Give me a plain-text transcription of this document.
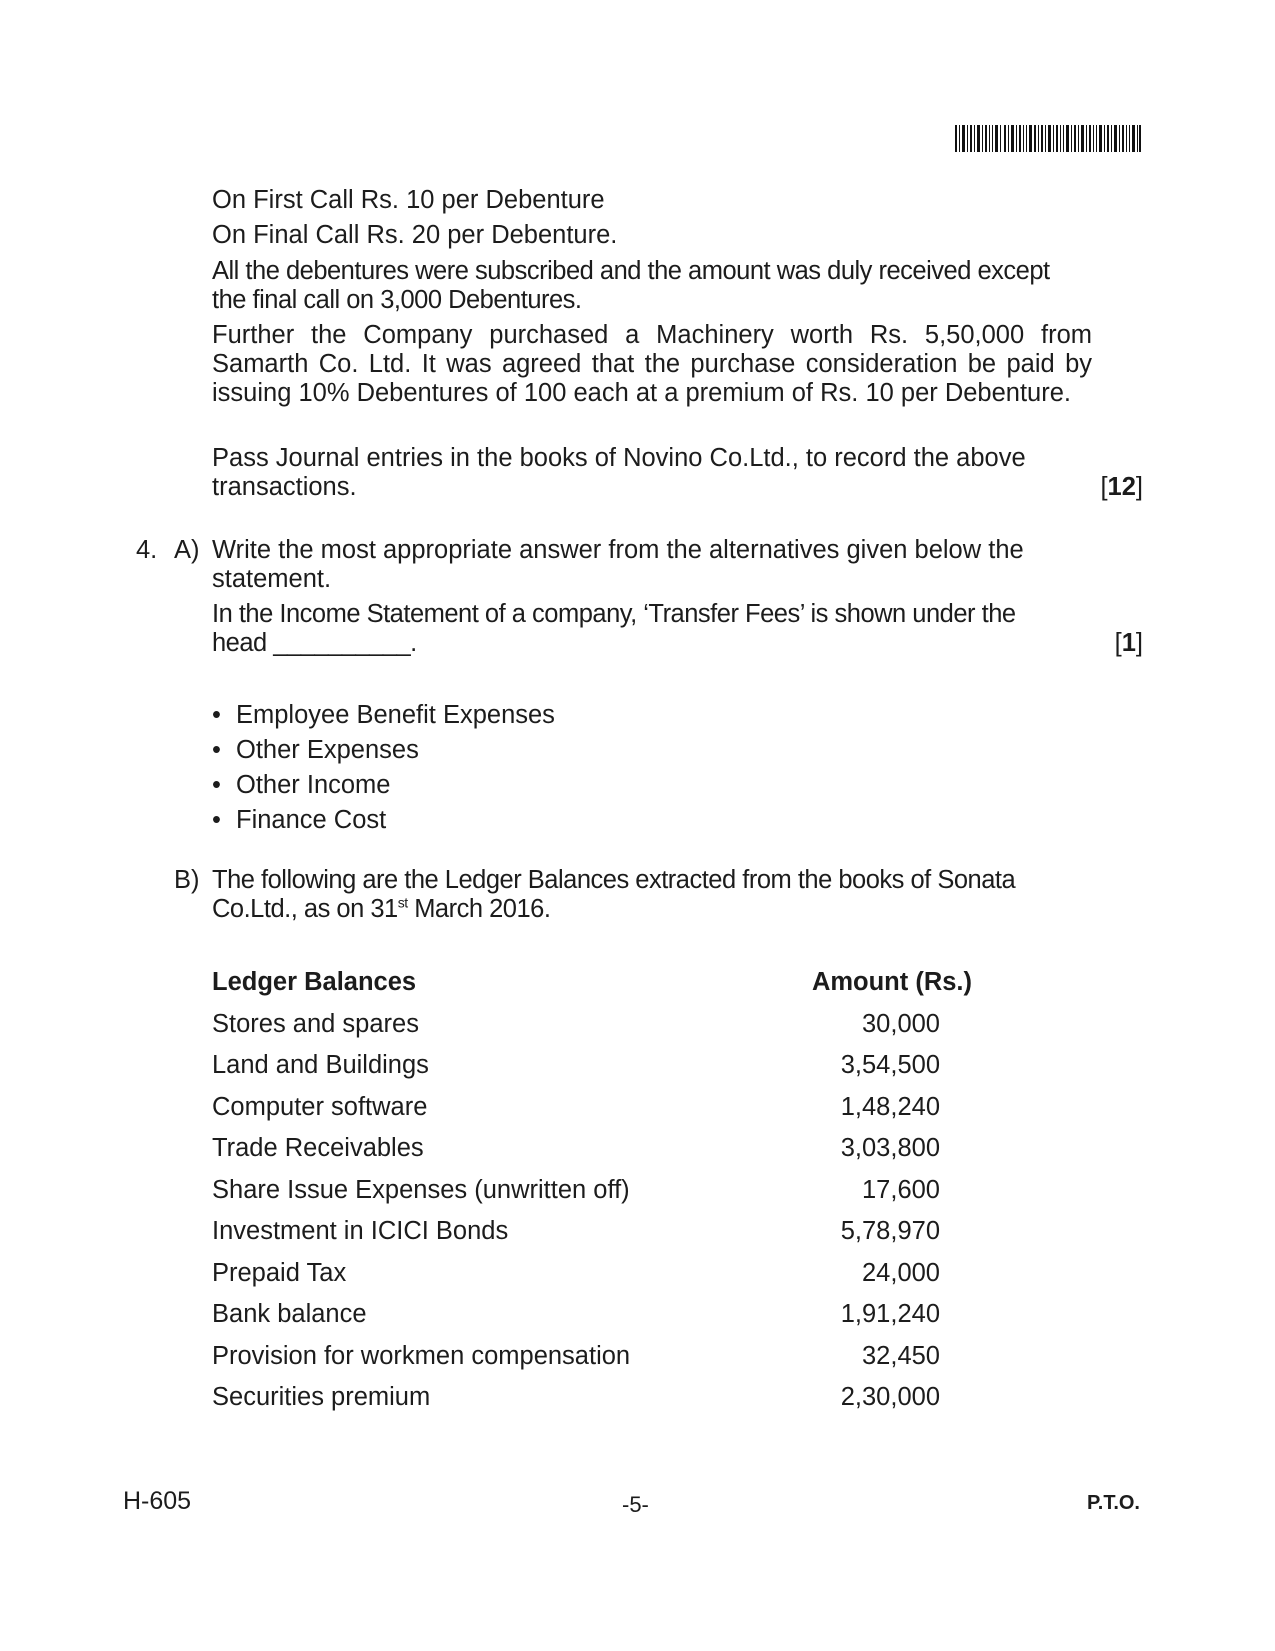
On First Call Rs. 10 per Debenture

On Final Call Rs. 20 per Debenture.

All the debentures were subscribed and the amount was duly received except the final call on 3,000 Debentures.

Further the Company purchased a Machinery worth Rs. 5,50,000 from Samarth Co. Ltd. It was agreed that the purchase consideration be paid by issuing 10% Debentures of 100 each at a premium of Rs. 10 per Debenture.

Pass Journal entries in the books of Novino Co.Ltd., to record the above transactions.	[12]
4. A) Write the most appropriate answer from the alternatives given below the statement.

In the Income Statement of a company, ‘Transfer Fees’ is shown under the head __________.	[1]
• Employee Benefit Expenses
• Other Expenses
• Other Income
• Finance Cost
B) The following are the Ledger Balances extracted from the books of Sonata
Co.Ltd., as on 31st March 2016.

Ledger Balances	Amount (Rs.)
Stores and spares	30,000
Land and Buildings	3,54,500
Computer software	1,48,240
Trade Receivables	3,03,800
Share Issue Expenses (unwritten off)	17,600
Investment in ICICI Bonds	5,78,970
Prepaid Tax	24,000
Bank balance	1,91,240
Provision for workmen compensation	32,450
Securities premium	2,30,000
H-605	-5-	P.T.O.
